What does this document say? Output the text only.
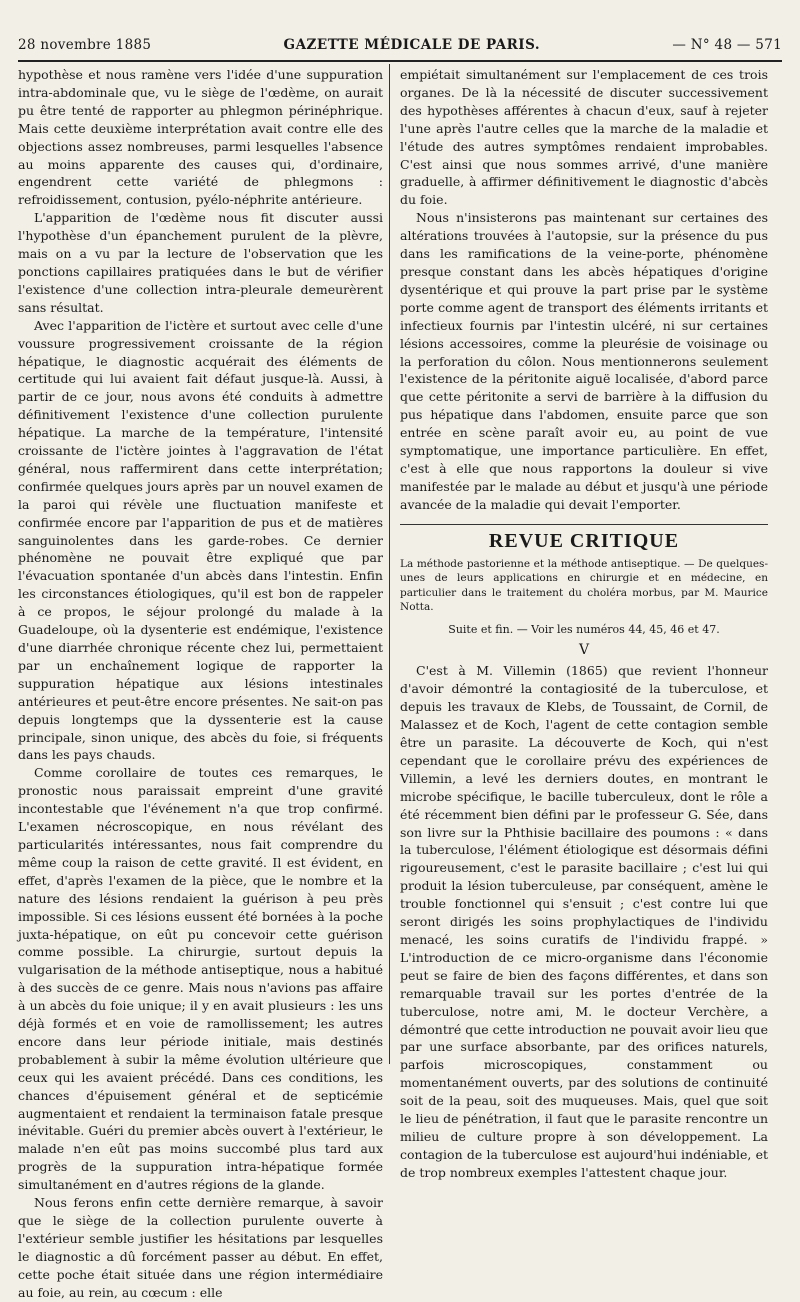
28 novembre 1885	GAZETTE MÉDICALE DE PARIS.	— N° 48 — 571

hypothèse et nous ramène vers l'idée d'une suppuration intra-abdominale que, vu le siège de l'œdème, on aurait pu être tenté de rapporter au phlegmon périnéphrique. Mais cette deuxième interprétation avait contre elle des objections assez nombreuses, parmi lesquelles l'absence au moins apparente des causes qui, d'ordinaire, engendrent cette variété de phlegmons : refroidissement, contusion, pyélo-néphrite antérieure.

L'apparition de l'œdème nous fit discuter aussi l'hypothèse d'un épanchement purulent de la plèvre, mais on a vu par la lecture de l'observation que les ponctions capillaires pratiquées dans le but de vérifier l'existence d'une collection intra-pleurale demeurèrent sans résultat.

Avec l'apparition de l'ictère et surtout avec celle d'une voussure progressivement croissante de la région hépatique, le diagnostic acquérait des éléments de certitude qui lui avaient fait défaut jusque-là. Aussi, à partir de ce jour, nous avons été conduits à admettre définitivement l'existence d'une collection purulente hépatique. La marche de la température, l'intensité croissante de l'ictère jointes à l'aggravation de l'état général, nous raffermirent dans cette interprétation; confirmée quelques jours après par un nouvel examen de la paroi qui révèle une fluctuation manifeste et confirmée encore par l'apparition de pus et de matières sanguinolentes dans les garde-robes. Ce dernier phénomène ne pouvait être expliqué que par l'évacuation spontanée d'un abcès dans l'intestin. Enfin les circonstances étiologiques, qu'il est bon de rappeler à ce propos, le séjour prolongé du malade à la Guadeloupe, où la dysenterie est endémique, l'existence d'une diarrhée chronique récente chez lui, permettaient par un enchaînement logique de rapporter la suppuration hépatique aux lésions intestinales antérieures et peut-être encore présentes. Ne sait-on pas depuis longtemps que la dyssenterie est la cause principale, sinon unique, des abcès du foie, si fréquents dans les pays chauds.

Comme corollaire de toutes ces remarques, le pronostic nous paraissait empreint d'une gravité incontestable que l'événement n'a que trop confirmé. L'examen nécroscopique, en nous révélant des particularités intéressantes, nous fait comprendre du même coup la raison de cette gravité. Il est évident, en effet, d'après l'examen de la pièce, que le nombre et la nature des lésions rendaient la guérison à peu près impossible. Si ces lésions eussent été bornées à la poche juxta-hépatique, on eût pu concevoir cette guérison comme possible. La chirurgie, surtout depuis la vulgarisation de la méthode antiseptique, nous a habitué à des succès de ce genre. Mais nous n'avions pas affaire à un abcès du foie unique; il y en avait plusieurs : les uns déjà formés et en voie de ramollissement; les autres encore dans leur période initiale, mais destinés probablement à subir la même évolution ultérieure que ceux qui les avaient précédé. Dans ces conditions, les chances d'épuisement général et de septicémie augmentaient et rendaient la terminaison fatale presque inévitable. Guéri du premier abcès ouvert à l'extérieur, le malade n'en eût pas moins succombé plus tard aux progrès de la suppuration intra-hépatique formée simultanément en d'autres régions de la glande.

Nous ferons enfin cette dernière remarque, à savoir que le siège de la collection purulente ouverte à l'extérieur semble justifier les hésitations par lesquelles le diagnostic a dû forcément passer au début. En effet, cette poche était située dans une région intermédiaire au foie, au rein, au cœcum : elle

empiétait simultanément sur l'emplacement de ces trois organes. De là la nécessité de discuter successivement des hypothèses afférentes à chacun d'eux, sauf à rejeter l'une après l'autre celles que la marche de la maladie et l'étude des autres symptômes rendaient improbables. C'est ainsi que nous sommes arrivé, d'une manière graduelle, à affirmer définitivement le diagnostic d'abcès du foie.

Nous n'insisterons pas maintenant sur certaines des altérations trouvées à l'autopsie, sur la présence du pus dans les ramifications de la veine-porte, phénomène presque constant dans les abcès hépatiques d'origine dysentérique et qui prouve la part prise par le système porte comme agent de transport des éléments irritants et infectieux fournis par l'intestin ulcéré, ni sur certaines lésions accessoires, comme la pleurésie de voisinage ou la perforation du côlon. Nous mentionnerons seulement l'existence de la péritonite aiguë localisée, d'abord parce que cette péritonite a servi de barrière à la diffusion du pus hépatique dans l'abdomen, ensuite parce que son entrée en scène paraît avoir eu, au point de vue symptomatique, une importance particulière. En effet, c'est à elle que nous rapportons la douleur si vive manifestée par le malade au début et jusqu'à une période avancée de la maladie qui devait l'emporter.

REVUE CRITIQUE
La méthode pastorienne et la méthode antiseptique. — De quelques-unes de leurs applications en chirurgie et en médecine, en particulier dans le traitement du choléra morbus, par M. Maurice Notta.
Suite et fin. — Voir les numéros 44, 45, 46 et 47.
V

C'est à M. Villemin (1865) que revient l'honneur d'avoir démontré la contagiosité de la tuberculose, et depuis les travaux de Klebs, de Toussaint, de Cornil, de Malassez et de Koch, l'agent de cette contagion semble être un parasite. La découverte de Koch, qui n'est cependant que le corollaire prévu des expériences de Villemin, a levé les derniers doutes, en montrant le microbe spécifique, le bacille tuberculeux, dont le rôle a été récemment bien défini par le professeur G. Sée, dans son livre sur la Phthisie bacillaire des poumons : « dans la tuberculose, l'élément étiologique est désormais défini rigoureusement, c'est le parasite bacillaire ; c'est lui qui produit la lésion tuberculeuse, par conséquent, amène le trouble fonctionnel qui s'ensuit ; c'est contre lui que seront dirigés les soins prophylactiques de l'individu menacé, les soins curatifs de l'individu frappé. » L'introduction de ce micro-organisme dans l'économie peut se faire de bien des façons différentes, et dans son remarquable travail sur les portes d'entrée de la tuberculose, notre ami, M. le docteur Verchère, a démontré que cette introduction ne pouvait avoir lieu que par une surface absorbante, par des orifices naturels, parfois microscopiques, constamment ou momentanément ouverts, par des solutions de continuité soit de la peau, soit des muqueuses. Mais, quel que soit le lieu de pénétration, il faut que le parasite rencontre un milieu de culture propre à son développement. La contagion de la tuberculose est aujourd'hui indéniable, et de trop nombreux exemples l'attestent chaque jour.
